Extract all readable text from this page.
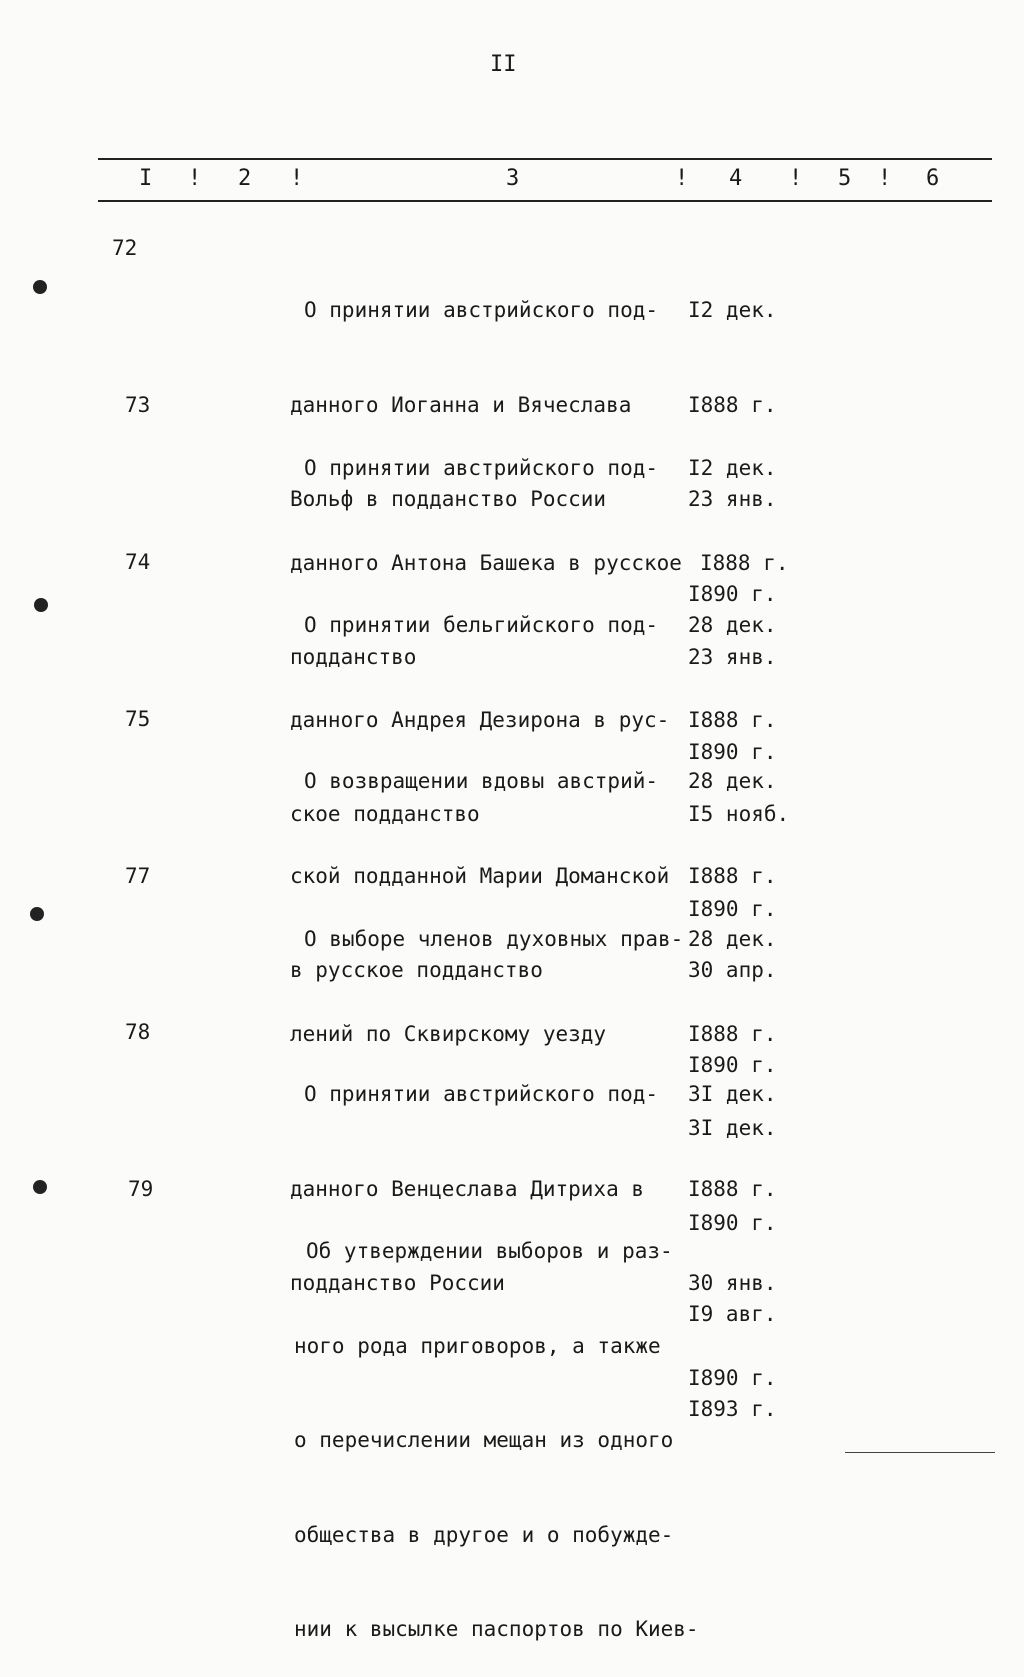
II
I ! 2 !	3	! 4 ! 5 ! 6
72

О принятии австрийского под-

данного Иоганна и Вячеслава

Вольф в подданство России

I2 дек.

I888 г.

23 янв.

I890 г.

73

О принятии австрийского под-

данного Антона Башека в русское

подданство

I2 дек.

I888 г.

23 янв.

I890 г.

74

О принятии бельгийского под-

данного Андрея Дезирона в рус-

ское подданство

28 дек.

I888 г.

I5 нояб.

I890 г.

75

О возвращении вдовы австрий-

ской подданной Марии Доманской

в русское подданство

28 дек.

I888 г.

30 апр.

I890 г.

77

О выборе членов духовных прав-

лений по Сквирскому уезду

28 дек.

I888 г.

3I дек.

I890 г.

78

О принятии австрийского под-

данного Венцеслава Дитриха в

подданство России

3I дек.

I888 г.

30 янв.

I890 г.

79

Об утверждении выборов и раз-

ного рода приговоров, а также

о перечислении мещан из одного

общества в другое и о побужде-

нии к высылке паспортов по Киев-

I9 авг.

I893 г.
